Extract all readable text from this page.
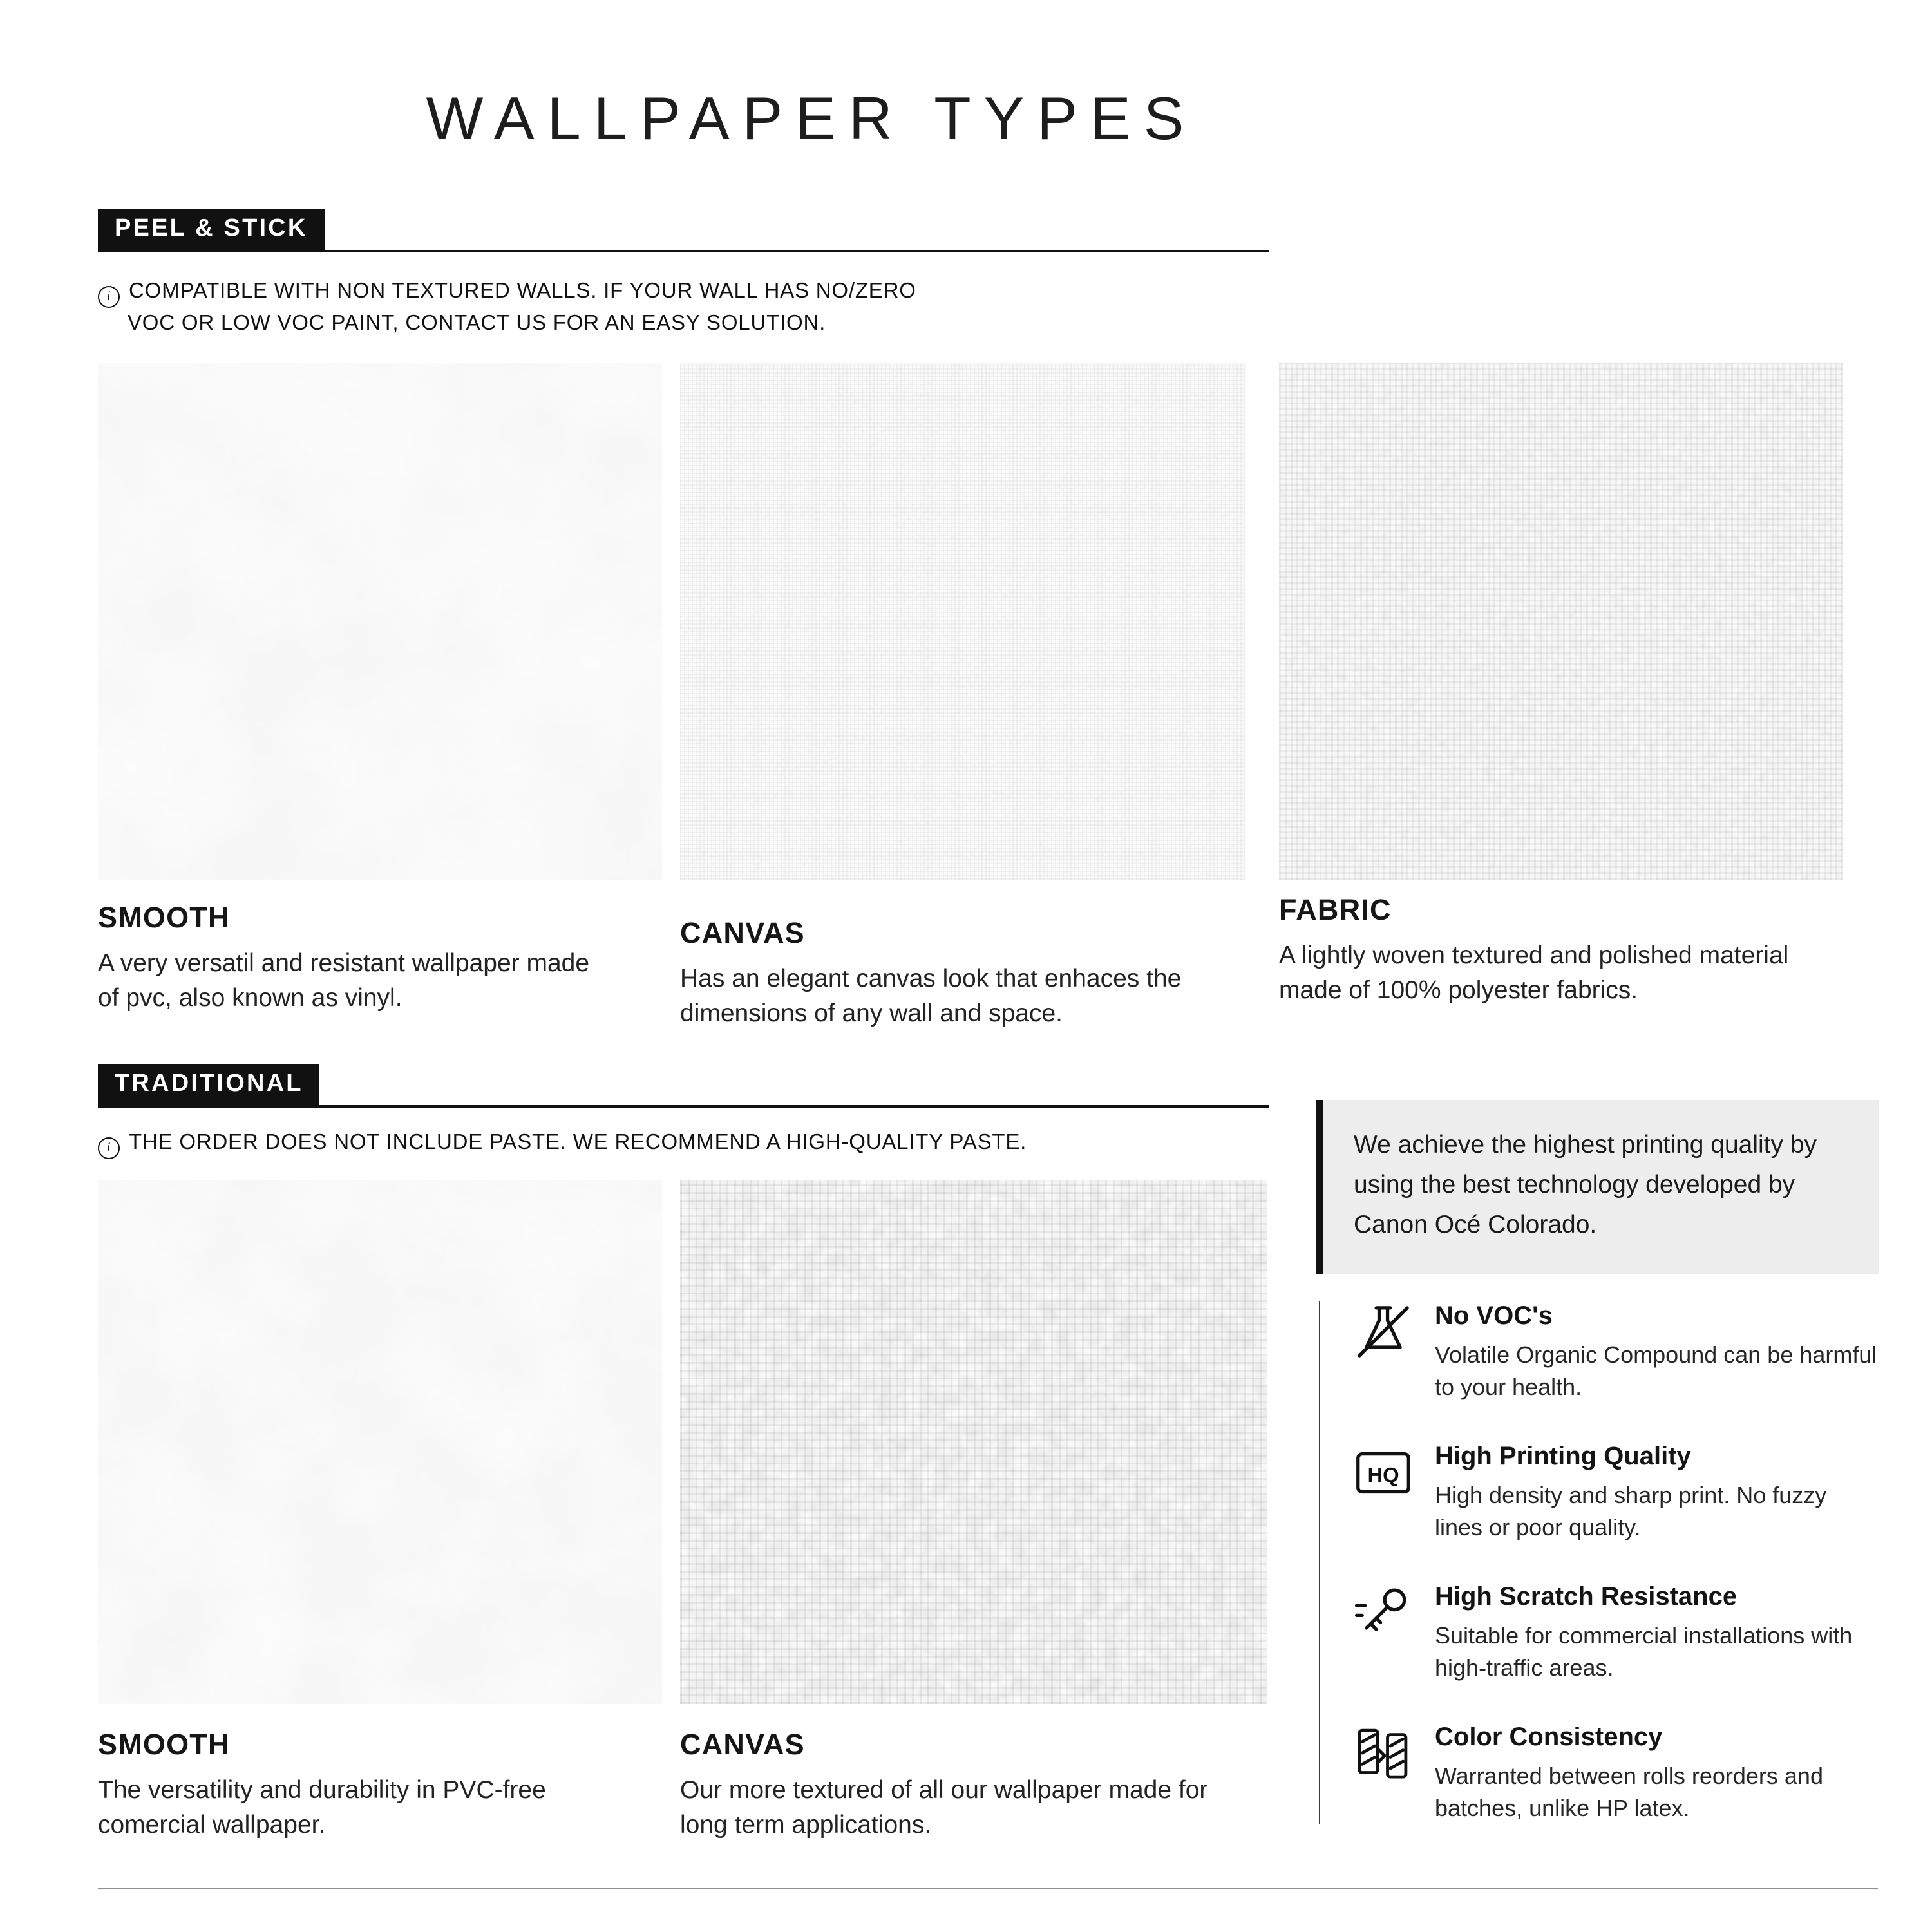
WALLPAPER TYPES
PEEL & STICK
i COMPATIBLE WITH NON TEXTURED WALLS. IF YOUR WALL HAS NO/ZERO
VOC OR LOW VOC PAINT, CONTACT US FOR AN EASY SOLUTION.
SMOOTH
A very versatil and resistant wallpaper made of pvc, also known as vinyl.
CANVAS
Has an elegant canvas look that enhaces the dimensions of any wall and space.
FABRIC
A lightly woven textured and polished material made of 100% polyester fabrics.
TRADITIONAL
i THE ORDER DOES NOT INCLUDE PASTE. WE RECOMMEND A HIGH-QUALITY PASTE.
SMOOTH
The versatility and durability in PVC-free comercial wallpaper.
CANVAS
Our more textured of all our wallpaper made for long term applications.
We achieve the highest printing quality by using the best technology developed by Canon Océ Colorado.
No VOC's
Volatile Organic Compound can be harmful to your health.
HQ
High Printing Quality
High density and sharp print. No fuzzy lines or poor quality.
High Scratch Resistance
Suitable for commercial installations with high-traffic areas.
Color Consistency
Warranted between rolls reorders and batches, unlike HP latex.
